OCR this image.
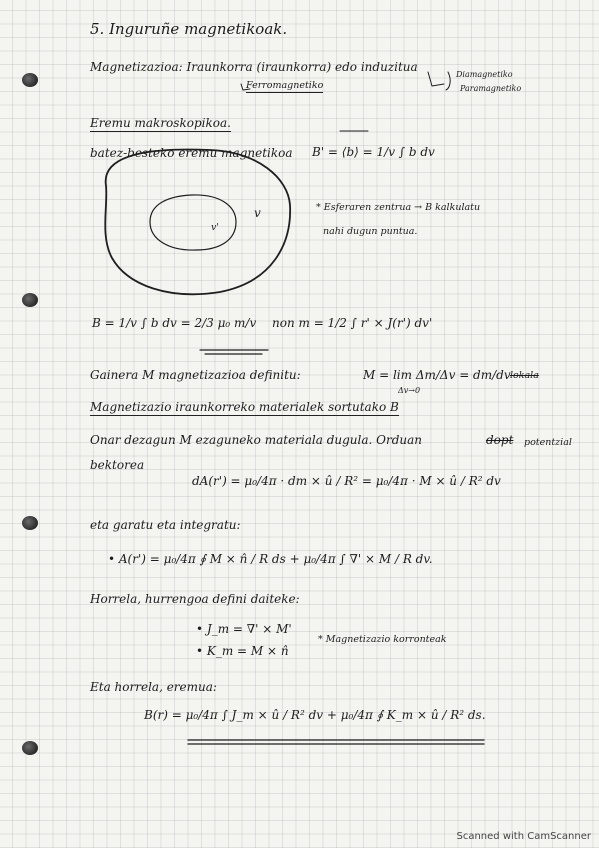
5. Inguruñe magnetikoak.
Magnetizazioa: Iraunkorra (iraunkorra) edo induzitua
Ferromagnetiko
Diamagnetiko
Paramagnetiko
Eremu makroskopikoa.
batez-besteko eremu magnetikoa B' = ⟨b⟩ = 1/v ∫ b dv
v
v'
* Esferaren zentrua → B kalkulatu
nahi dugun puntua.
B = 1/v ∫ b dv = 2/3 μ₀ m/v non m = 1/2 ∫ r' × J(r') dv'
Gainera M magnetizazioa definitu:	M = lim Δm/Δv = dm/dv
Δv→0
lokala
Magnetizazio iraunkorreko materialek sortutako B
Onar dezagun M ezaguneko materiala dugula. Orduan	dopt potentzial
bektorea
dA(r') = μ₀/4π · dm × û / R² = μ₀/4π · M × û / R² dv
eta garatu eta integratu:
• A(r') = μ₀/4π ∮ M × n̂ / R ds + μ₀/4π ∫ ∇' × M / R dv.
Horrela, hurrengoa defini daiteke:
• J_m = ∇' × M'
• K_m = M × n̂
* Magnetizazio korronteak
Eta horrela, eremua:
B(r) = μ₀/4π ∫ J_m × û / R² dv + μ₀/4π ∮ K_m × û / R² ds.
Scanned with CamScanner
